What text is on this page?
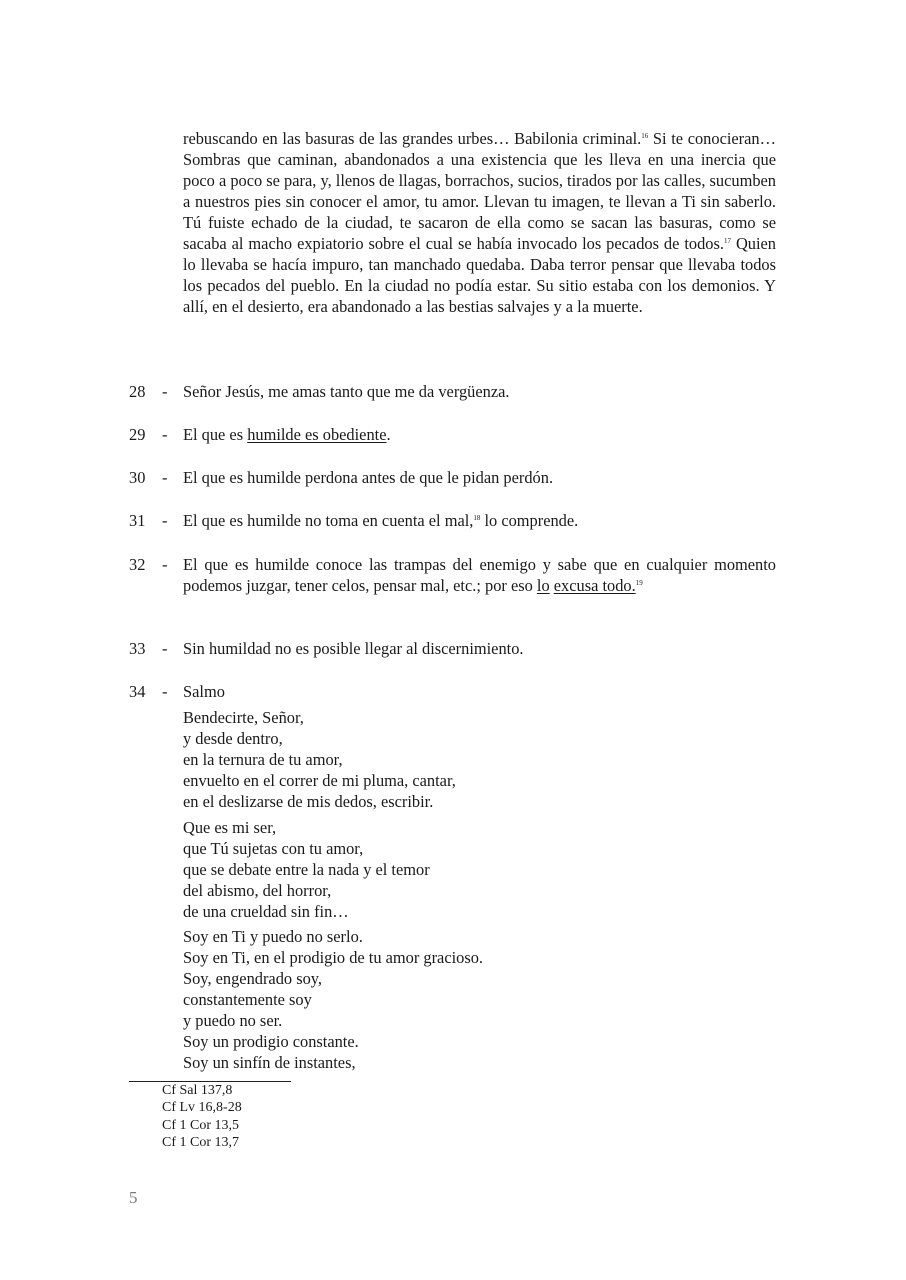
rebuscando en las basuras de las grandes urbes… Babilonia criminal.$^{16}$ Si te conocieran… Sombras que caminan, abandonados a una existencia que les lleva en una inercia que poco a poco se para, y, llenos de llagas, borrachos, sucios, tirados por las calles, sucumben a nuestros pies sin conocer el amor, tu amor. Llevan tu imagen, te llevan a Ti sin saberlo. Tú fuiste echado de la ciudad, te sacaron de ella como se sacan las basuras, como se sacaba al macho expiatorio sobre el cual se había invocado los pecados de todos.$^{17}$ Quien lo llevaba se hacía impuro, tan manchado quedaba. Daba terror pensar que llevaba todos los pecados del pueblo. En la ciudad no podía estar. Su sitio estaba con los demonios. Y allí, en el desierto, era abandonado a las bestias salvajes y a la muerte.

28 - Señor Jesús, me amas tanto que me da vergüenza.
29 - El que es humilde es obediente.
30 - El que es humilde perdona antes de que le pidan perdón.
31 - El que es humilde no toma en cuenta el mal,$^{18}$ lo comprende.
32 - El que es humilde conoce las trampas del enemigo y sabe que en cualquier momento podemos juzgar, tener celos, pensar mal, etc.; por eso lo excusa todo.$^{19}$
33 - Sin humildad no es posible llegar al discernimiento.
34 - Salmo
Bendecirte, Señor,
y desde dentro,
en la ternura de tu amor,
envuelto en el correr de mi pluma, cantar,
en el deslizarse de mis dedos, escribir.
Que es mi ser,
que Tú sujetas con tu amor,
que se debate entre la nada y el temor
del abismo, del horror,
de una crueldad sin fin…
Soy en Ti y puedo no serlo.
Soy en Ti, en el prodigio de tu amor gracioso.
Soy, engendrado soy,
constantemente soy
y puedo no ser.
Soy un prodigio constante.
Soy un sinfín de instantes,
Cf Sal 137,8
Cf Lv 16,8-28
Cf 1 Cor 13,5
Cf 1 Cor 13,7
5
